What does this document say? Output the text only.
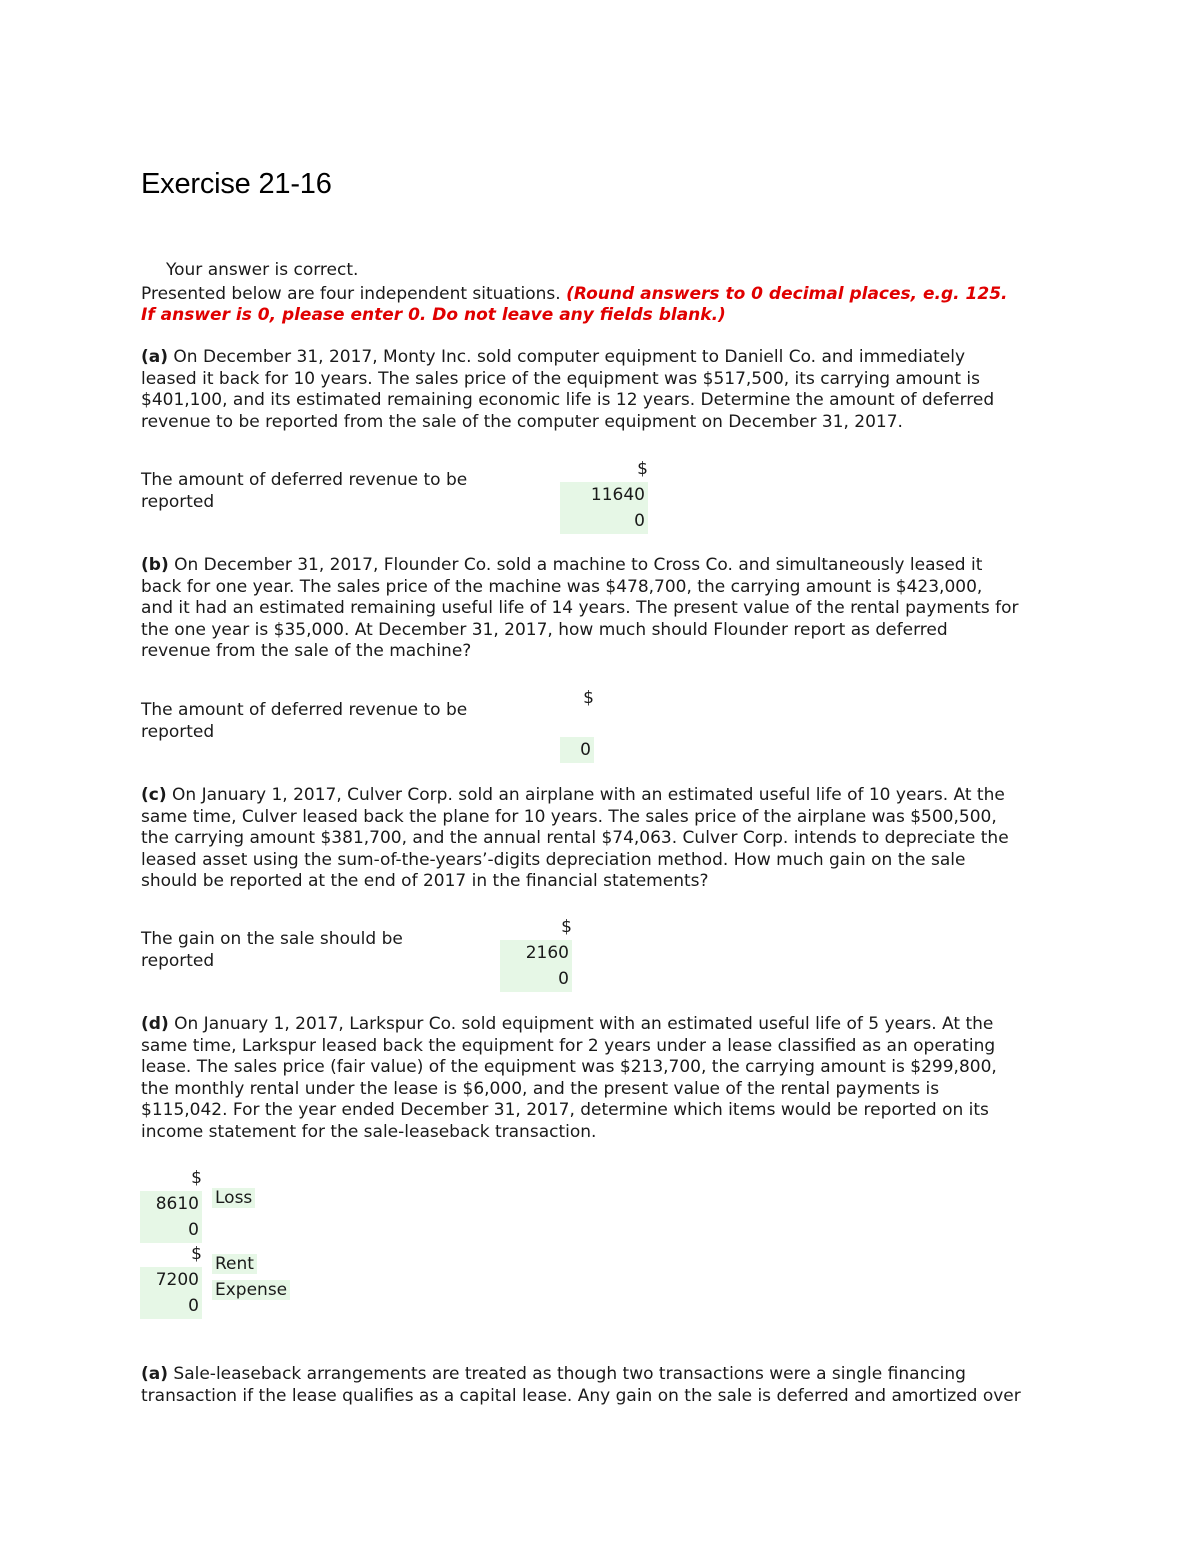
Exercise 21-16
Your answer is correct.
Presented below are four independent situations. (Round answers to 0 decimal places, e.g. 125.
If answer is 0, please enter 0. Do not leave any fields blank.)
(a) On December 31, 2017, Monty Inc. sold computer equipment to Daniell Co. and immediately
leased it back for 10 years. The sales price of the equipment was $517,500, its carrying amount is
$401,100, and its estimated remaining economic life is 12 years. Determine the amount of deferred
revenue to be reported from the sale of the computer equipment on December 31, 2017.
The amount of deferred revenue to be
reported
$
11640
0
(b) On December 31, 2017, Flounder Co. sold a machine to Cross Co. and simultaneously leased it
back for one year. The sales price of the machine was $478,700, the carrying amount is $423,000,
and it had an estimated remaining useful life of 14 years. The present value of the rental payments for
the one year is $35,000. At December 31, 2017, how much should Flounder report as deferred
revenue from the sale of the machine?
The amount of deferred revenue to be
reported
$

0
(c) On January 1, 2017, Culver Corp. sold an airplane with an estimated useful life of 10 years. At the
same time, Culver leased back the plane for 10 years. The sales price of the airplane was $500,500,
the carrying amount $381,700, and the annual rental $74,063. Culver Corp. intends to depreciate the
leased asset using the sum-of-the-years’-digits depreciation method. How much gain on the sale
should be reported at the end of 2017 in the financial statements?
The gain on the sale should be
reported
$
2160
0
(d) On January 1, 2017, Larkspur Co. sold equipment with an estimated useful life of 5 years. At the
same time, Larkspur leased back the equipment for 2 years under a lease classified as an operating
lease. The sales price (fair value) of the equipment was $213,700, the carrying amount is $299,800,
the monthly rental under the lease is $6,000, and the present value of the rental payments is
$115,042. For the year ended December 31, 2017, determine which items would be reported on its
income statement for the sale-leaseback transaction.
$
8610
0
Loss
$
7200
0
Rent
Expense
(a) Sale-leaseback arrangements are treated as though two transactions were a single financing
transaction if the lease qualifies as a capital lease. Any gain on the sale is deferred and amortized over
